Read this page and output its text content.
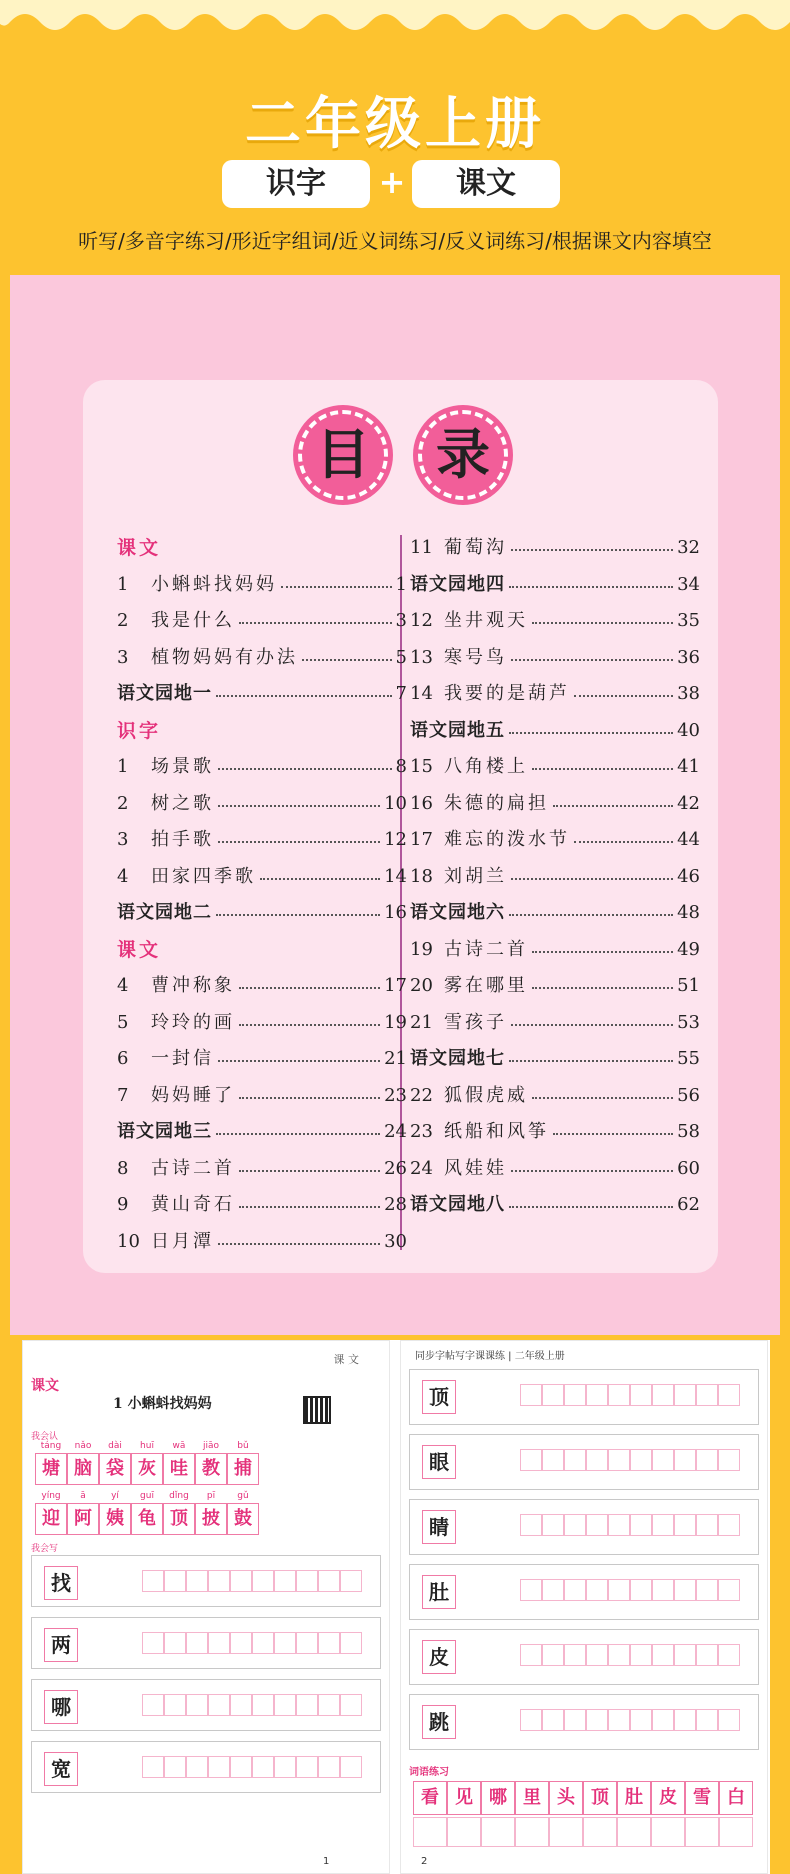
二年级上册
识字	+	课文
听写/多音字练习/形近字组词/近义词练习/反义词练习/根据课文内容填空
目	录
课文
1	小蝌蚪找妈妈	1
2	我是什么	3
3	植物妈妈有办法	5
语文园地一	7
识字
1	场景歌	8
2	树之歌	10
3	拍手歌	12
4	田家四季歌	14
语文园地二	16
课文
4	曹冲称象	17
5	玲玲的画	19
6	一封信	21
7	妈妈睡了	23
语文园地三	24
8	古诗二首	26
9	黄山奇石	28
10 日月潭	30
11 葡萄沟	32
语文园地四	34
12 坐井观天	35
13 寒号鸟	36
14 我要的是葫芦	38
语文园地五	40
15 八角楼上	41
16 朱德的扁担	42
17 难忘的泼水节	44
18 刘胡兰	46
语文园地六	48
19 古诗二首	49
20 雾在哪里	51
21 雪孩子	53
语文园地七	55
22 狐假虎威	56
23 纸船和风筝	58
24 风娃娃	60
语文园地八	62
课 文
课文
1 小蝌蚪找妈妈
我会认
táng	nǎo	dài	huī	wā	jiāo	bǔ
塘 脑 袋 灰 哇 教 捕
yíng	ā	yí	guī	dǐng	pī	gǔ
迎 阿 姨 龟 顶 披 鼓
我会写
找
两
哪
宽
1
同步字帖写字课课练 | 二年级上册
顶
眼
睛
肚
皮
跳
词语练习
看 见 哪 里 头 顶 肚 皮 雪 白
2
